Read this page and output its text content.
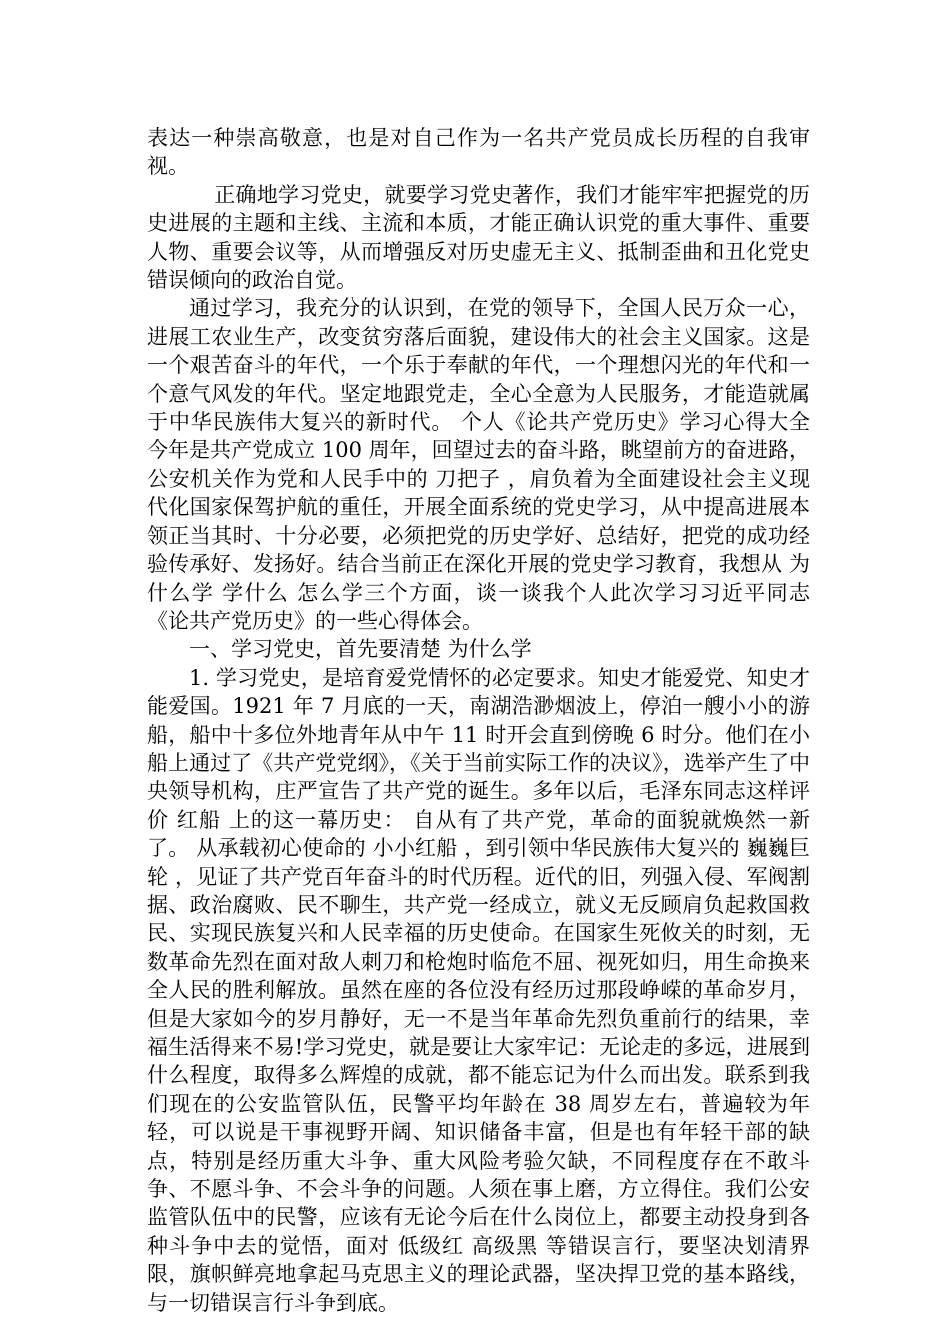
表达一种崇高敬意，也是对自己作为一名共产党员成长历程的自我审视。

正确地学习党史，就要学习党史著作，我们才能牢牢把握党的历史进展的主题和主线、主流和本质，才能正确认识党的重大事件、重要人物、重要会议等，从而增强反对历史虚无主义、抵制歪曲和丑化党史错误倾向的政治自觉。

通过学习，我充分的认识到，在党的领导下，全国人民万众一心，进展工农业生产，改变贫穷落后面貌，建设伟大的社会主义国家。这是一个艰苦奋斗的年代，一个乐于奉献的年代，一个理想闪光的年代和一个意气风发的年代。坚定地跟党走，全心全意为人民服务，才能造就属于中华民族伟大复兴的新时代。 个人《论共产党历史》学习心得大全 今年是共产党成立 100 周年，回望过去的奋斗路，眺望前方的奋进路，公安机关作为党和人民手中的 刀把子 ，肩负着为全面建设社会主义现代化国家保驾护航的重任，开展全面系统的党史学习，从中提高进展本领正当其时、十分必要，必须把党的历史学好、总结好，把党的成功经验传承好、发扬好。结合当前正在深化开展的党史学习教育，我想从 为什么学 学什么 怎么学三个方面，谈一谈我个人此次学习习近平同志《论共产党历史》的一些心得体会。

一、学习党史，首先要清楚 为什么学

1. 学习党史，是培育爱党情怀的必定要求。知史才能爱党、知史才能爱国。1921 年 7 月底的一天，南湖浩渺烟波上，停泊一艘小小的游船，船中十多位外地青年从中午 11 时开会直到傍晚 6 时分。他们在小船上通过了《共产党党纲》，《关于当前实际工作的决议》，选举产生了中央领导机构，庄严宣告了共产党的诞生。多年以后，毛泽东同志这样评价 红船 上的这一幕历史： 自从有了共产党，革命的面貌就焕然一新了。 从承载初心使命的 小小红船 ，到引领中华民族伟大复兴的 巍巍巨轮 ，见证了共产党百年奋斗的时代历程。近代的旧，列强入侵、军阀割据、政治腐败、民不聊生，共产党一经成立，就义无反顾肩负起救国救民、实现民族复兴和人民幸福的历史使命。在国家生死攸关的时刻，无数革命先烈在面对敌人刺刀和枪炮时临危不屈、视死如归，用生命换来全人民的胜利解放。虽然在座的各位没有经历过那段峥嵘的革命岁月，但是大家如今的岁月静好，无一不是当年革命先烈负重前行的结果，幸福生活得来不易!学习党史，就是要让大家牢记：无论走的多远，进展到什么程度，取得多么辉煌的成就，都不能忘记为什么而出发。联系到我们现在的公安监管队伍，民警平均年龄在 38 周岁左右，普遍较为年轻，可以说是干事视野开阔、知识储备丰富，但是也有年轻干部的缺点，特别是经历重大斗争、重大风险考验欠缺，不同程度存在不敢斗争、不愿斗争、不会斗争的问题。人须在事上磨，方立得住。我们公安监管队伍中的民警，应该有无论今后在什么岗位上，都要主动投身到各种斗争中去的觉悟，面对 低级红 高级黑 等错误言行，要坚决划清界限，旗帜鲜亮地拿起马克思主义的理论武器，坚决捍卫党的基本路线，与一切错误言行斗争到底。
